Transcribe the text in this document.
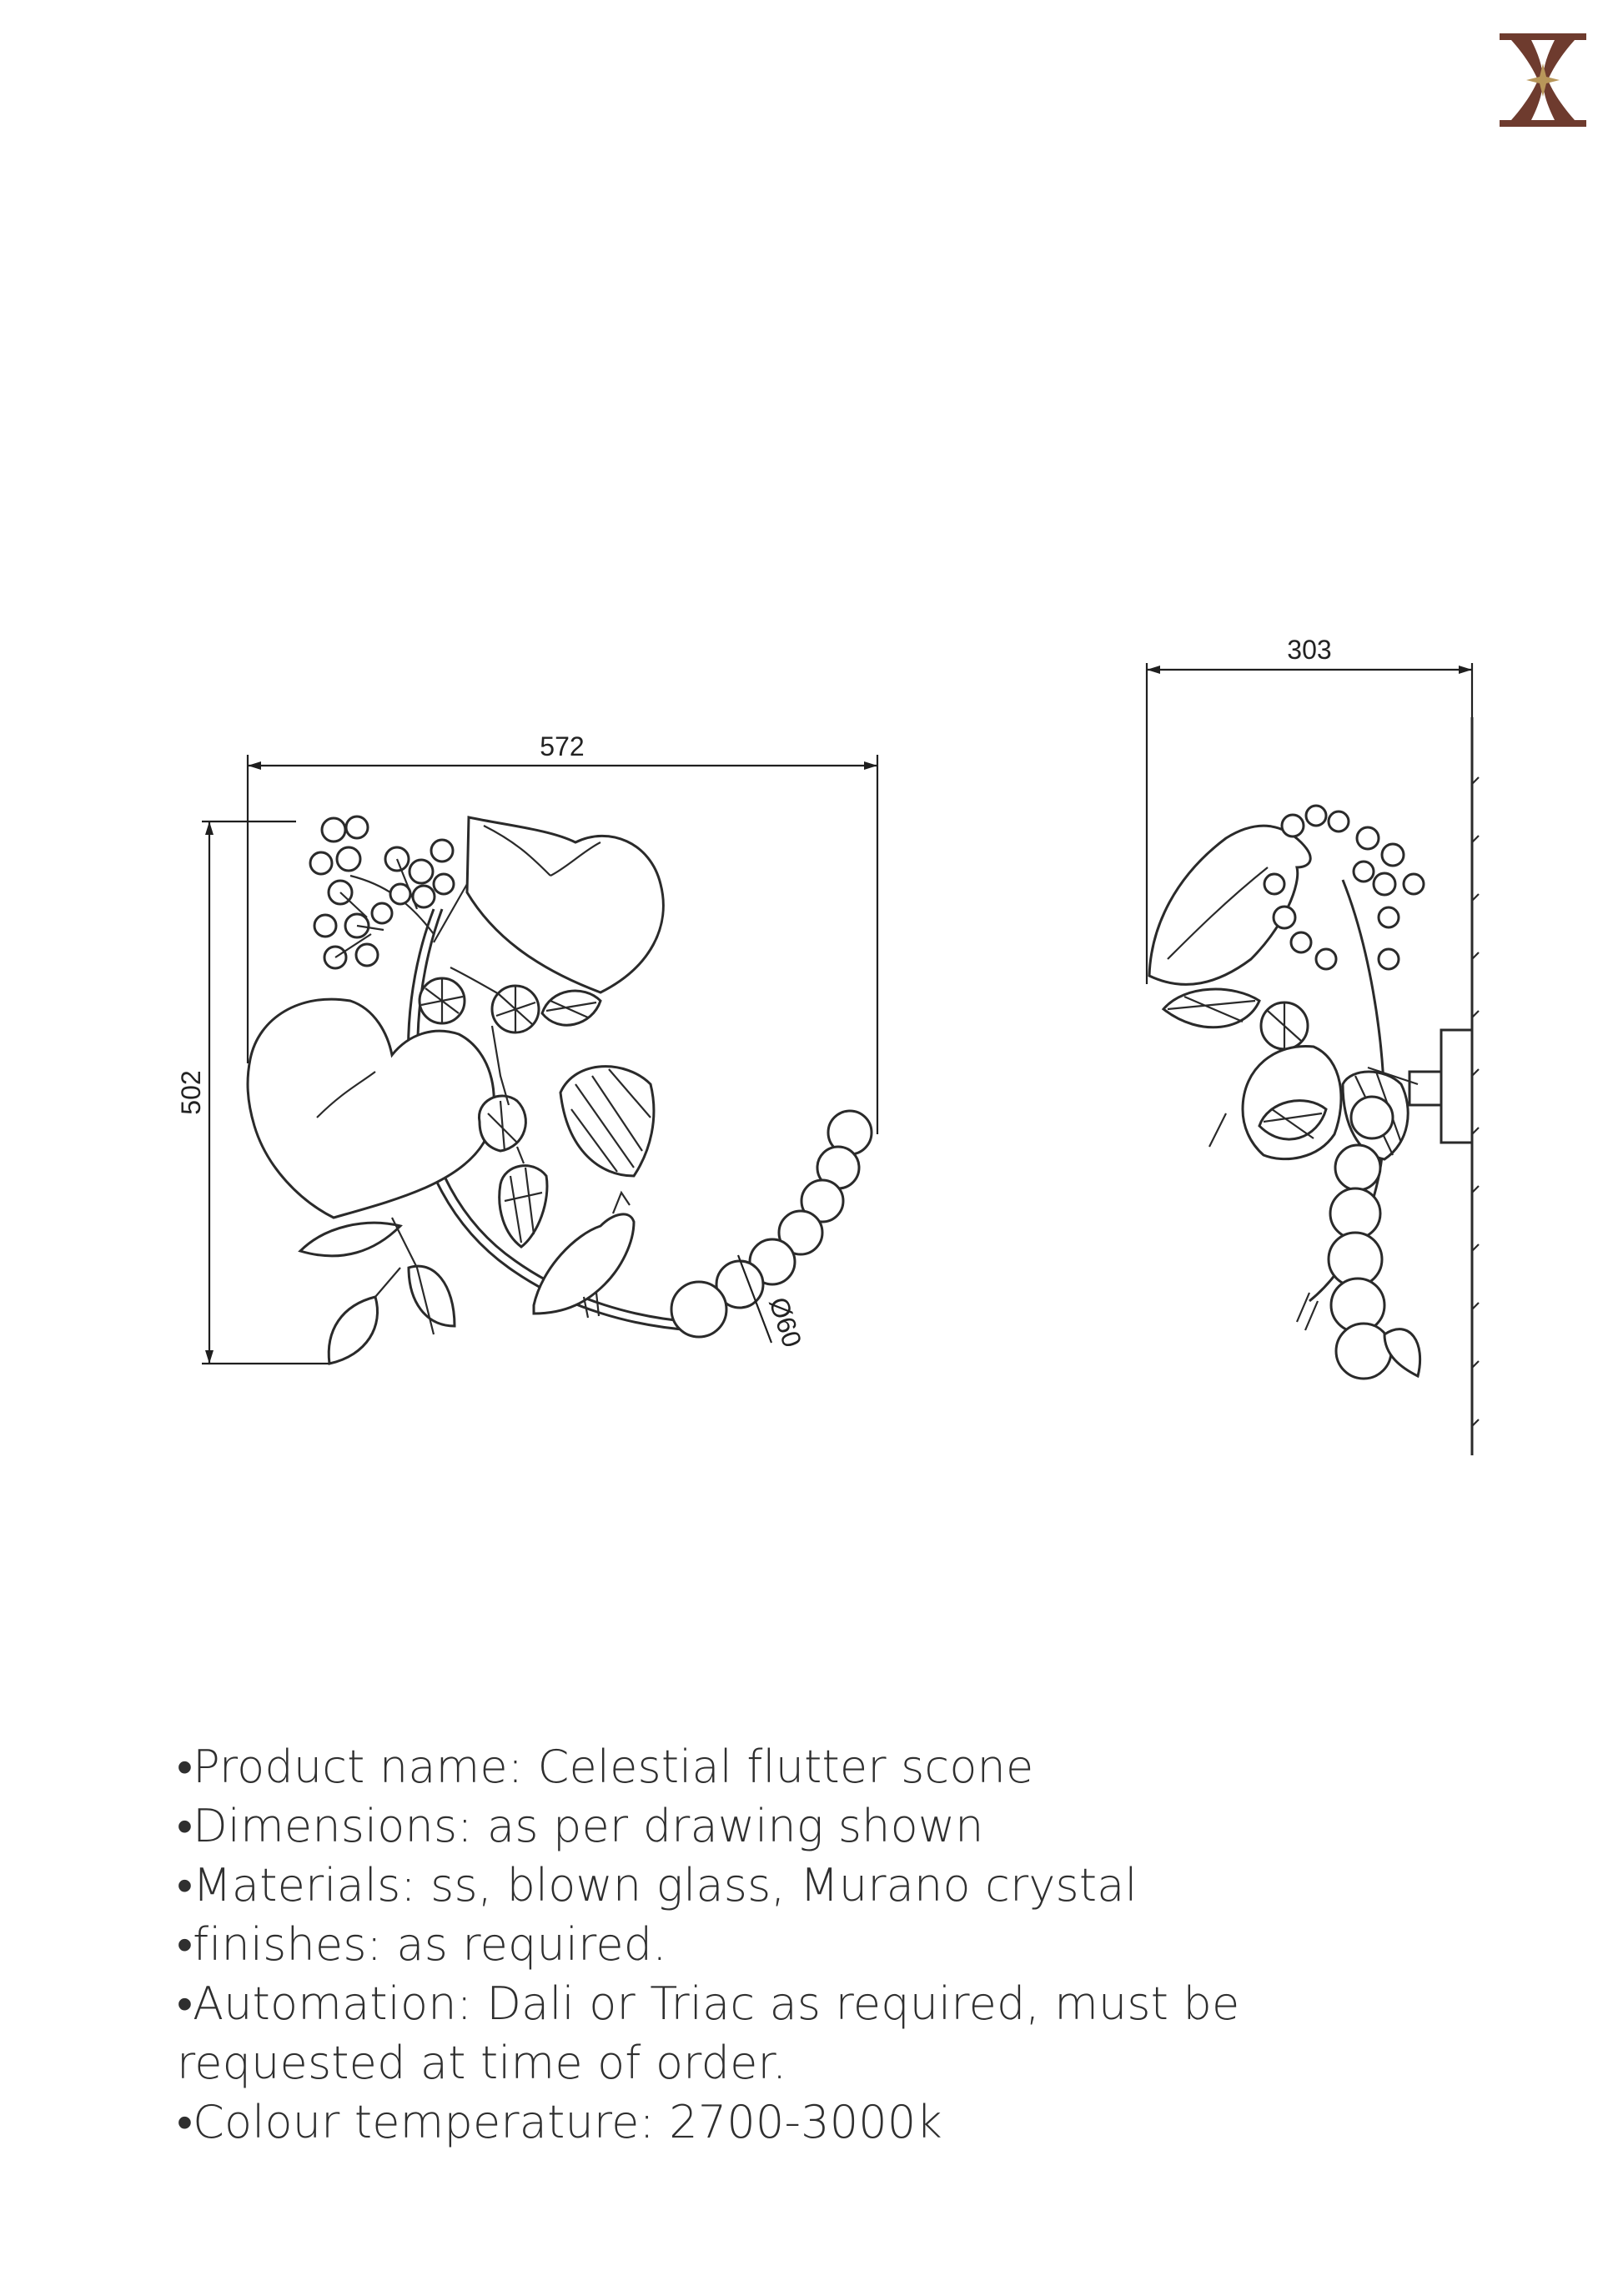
572
502
Ø60
303

• Product name: Celestial flutter scone

• Dimensions: as per drawing shown

• Materials: ss, blown glass, Murano crystal

• finishes: as required.

• Automation: Dali or Triac as required, must be requested at time of order.

• Colour temperature: 2700-3000k
